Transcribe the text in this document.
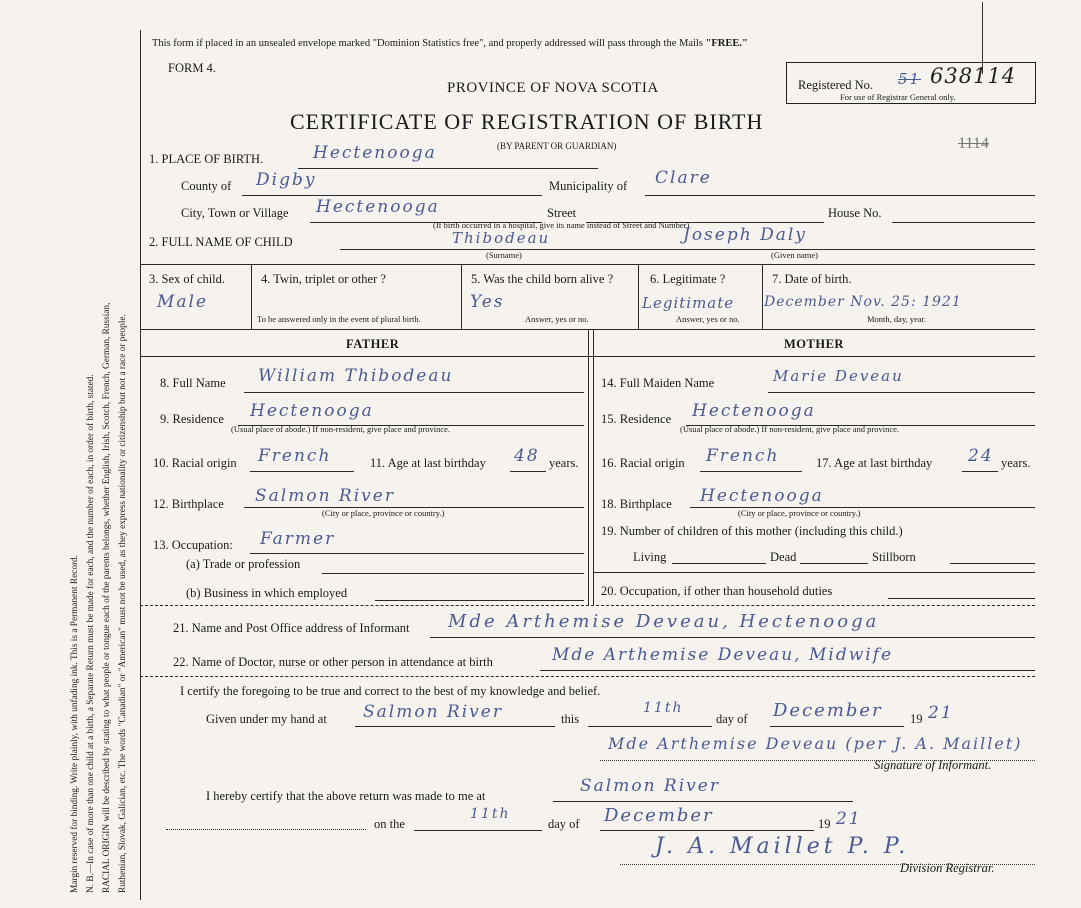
Margin reserved for binding. Write plainly, with unfading ink. This is a Permanent Record. N. B.—In case of more than one child at a birth, a Separate Return must be made for each, and the number of each, in order of birth, stated. RACIAL ORIGIN will be described by stating to what people or tongue each of the parents belongs, whether English, Irish, Scotch, French, German, Russian, Ruthenian, Slovak, Galician, etc. The words "Canadian" or "American" must not be used, as they express nationality or citizenship but not a race or people.
This form if placed in an unsealed envelope marked "Dominion Statistics free", and properly addressed will pass through the Mails "FREE."
FORM 4.
PROVINCE OF NOVA SCOTIA
CERTIFICATE OF REGISTRATION OF BIRTH
(BY PARENT OR GUARDIAN)
Registered No. 51 638114
For use of Registrar General only.
1114
1. PLACE OF BIRTH.	Hectenooga
County of Digby	Municipality of Clare
City, Town or Village Hectenooga	Street	House No.
(If birth occurred in a hospital, give its name instead of Street and Number)
2. FULL NAME OF CHILD	Thibodeau	Joseph Daly
(Surname)	(Given name)
3. Sex of child.
Male
4. Twin, triplet or other ?
To be answered only in the event of plural birth.
5. Was the child born alive ?
Yes
Answer, yes or no.
6. Legitimate ?
Legitimate
Answer, yes or no.
7. Date of birth.
December Nov. 25: 1921
Month, day, year.
FATHER	MOTHER
8. Full Name William Thibodeau
9. Residence Hectenooga
(Usual place of abode.) If non-resident, give place and province.
10. Racial origin French	11. Age at last birthday 48 years.
12. Birthplace Salmon River
(City or place, province or country.)
13. Occupation: Farmer
(a) Trade or profession
(b) Business in which employed
14. Full Maiden Name	Marie Deveau
15. Residence Hectenooga
(Usual place of abode.) If non-resident, give place and province.
16. Racial origin French	17. Age at last birthday 24 years.
18. Birthplace Hectenooga
(City or place, province or country.)
19. Number of children of this mother (including this child.)
Living	Dead	Stillborn
20. Occupation, if other than household duties
21. Name and Post Office address of Informant Mde Arthemise Deveau, Hectenooga
22. Name of Doctor, nurse or other person in attendance at birth	Mde Arthemise Deveau, Midwife
I certify the foregoing to be true and correct to the best of my knowledge and belief.
Given under my hand at Salmon River	this
11th
day of December 19 21
Mde Arthemise Deveau (per J. A. Maillet)
Signature of Informant.
I hereby certify that the above return was made to me at	Salmon River
on the
11th
day of December	19 21
J. A. Maillet P. P.
Division Registrar.
